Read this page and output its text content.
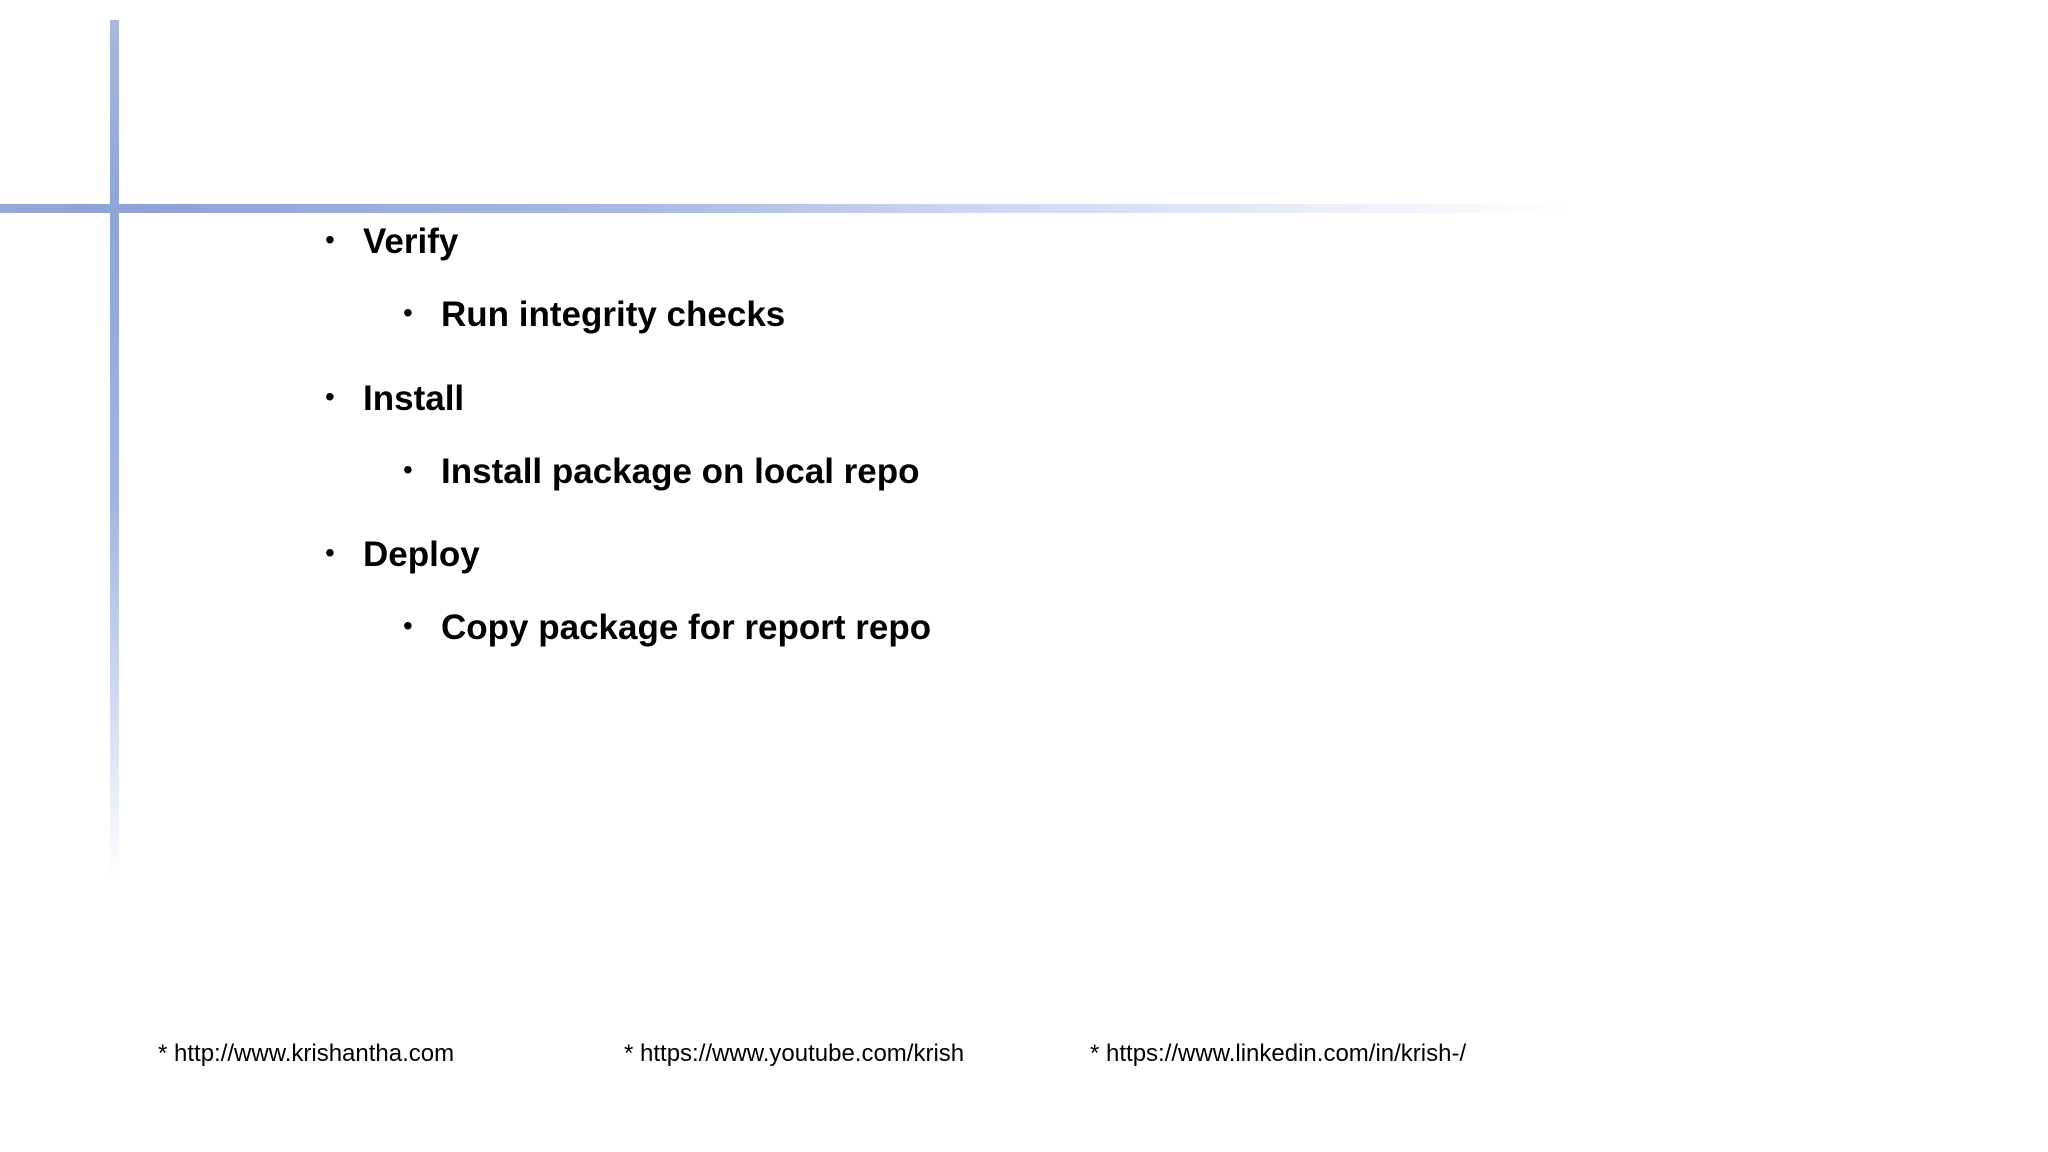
• Verify
• Run integrity checks
• Install
• Install package on local repo
• Deploy
• Copy package for report repo
* http://www.krishantha.com	* https://www.youtube.com/krish	* https://www.linkedin.com/in/krish-/
